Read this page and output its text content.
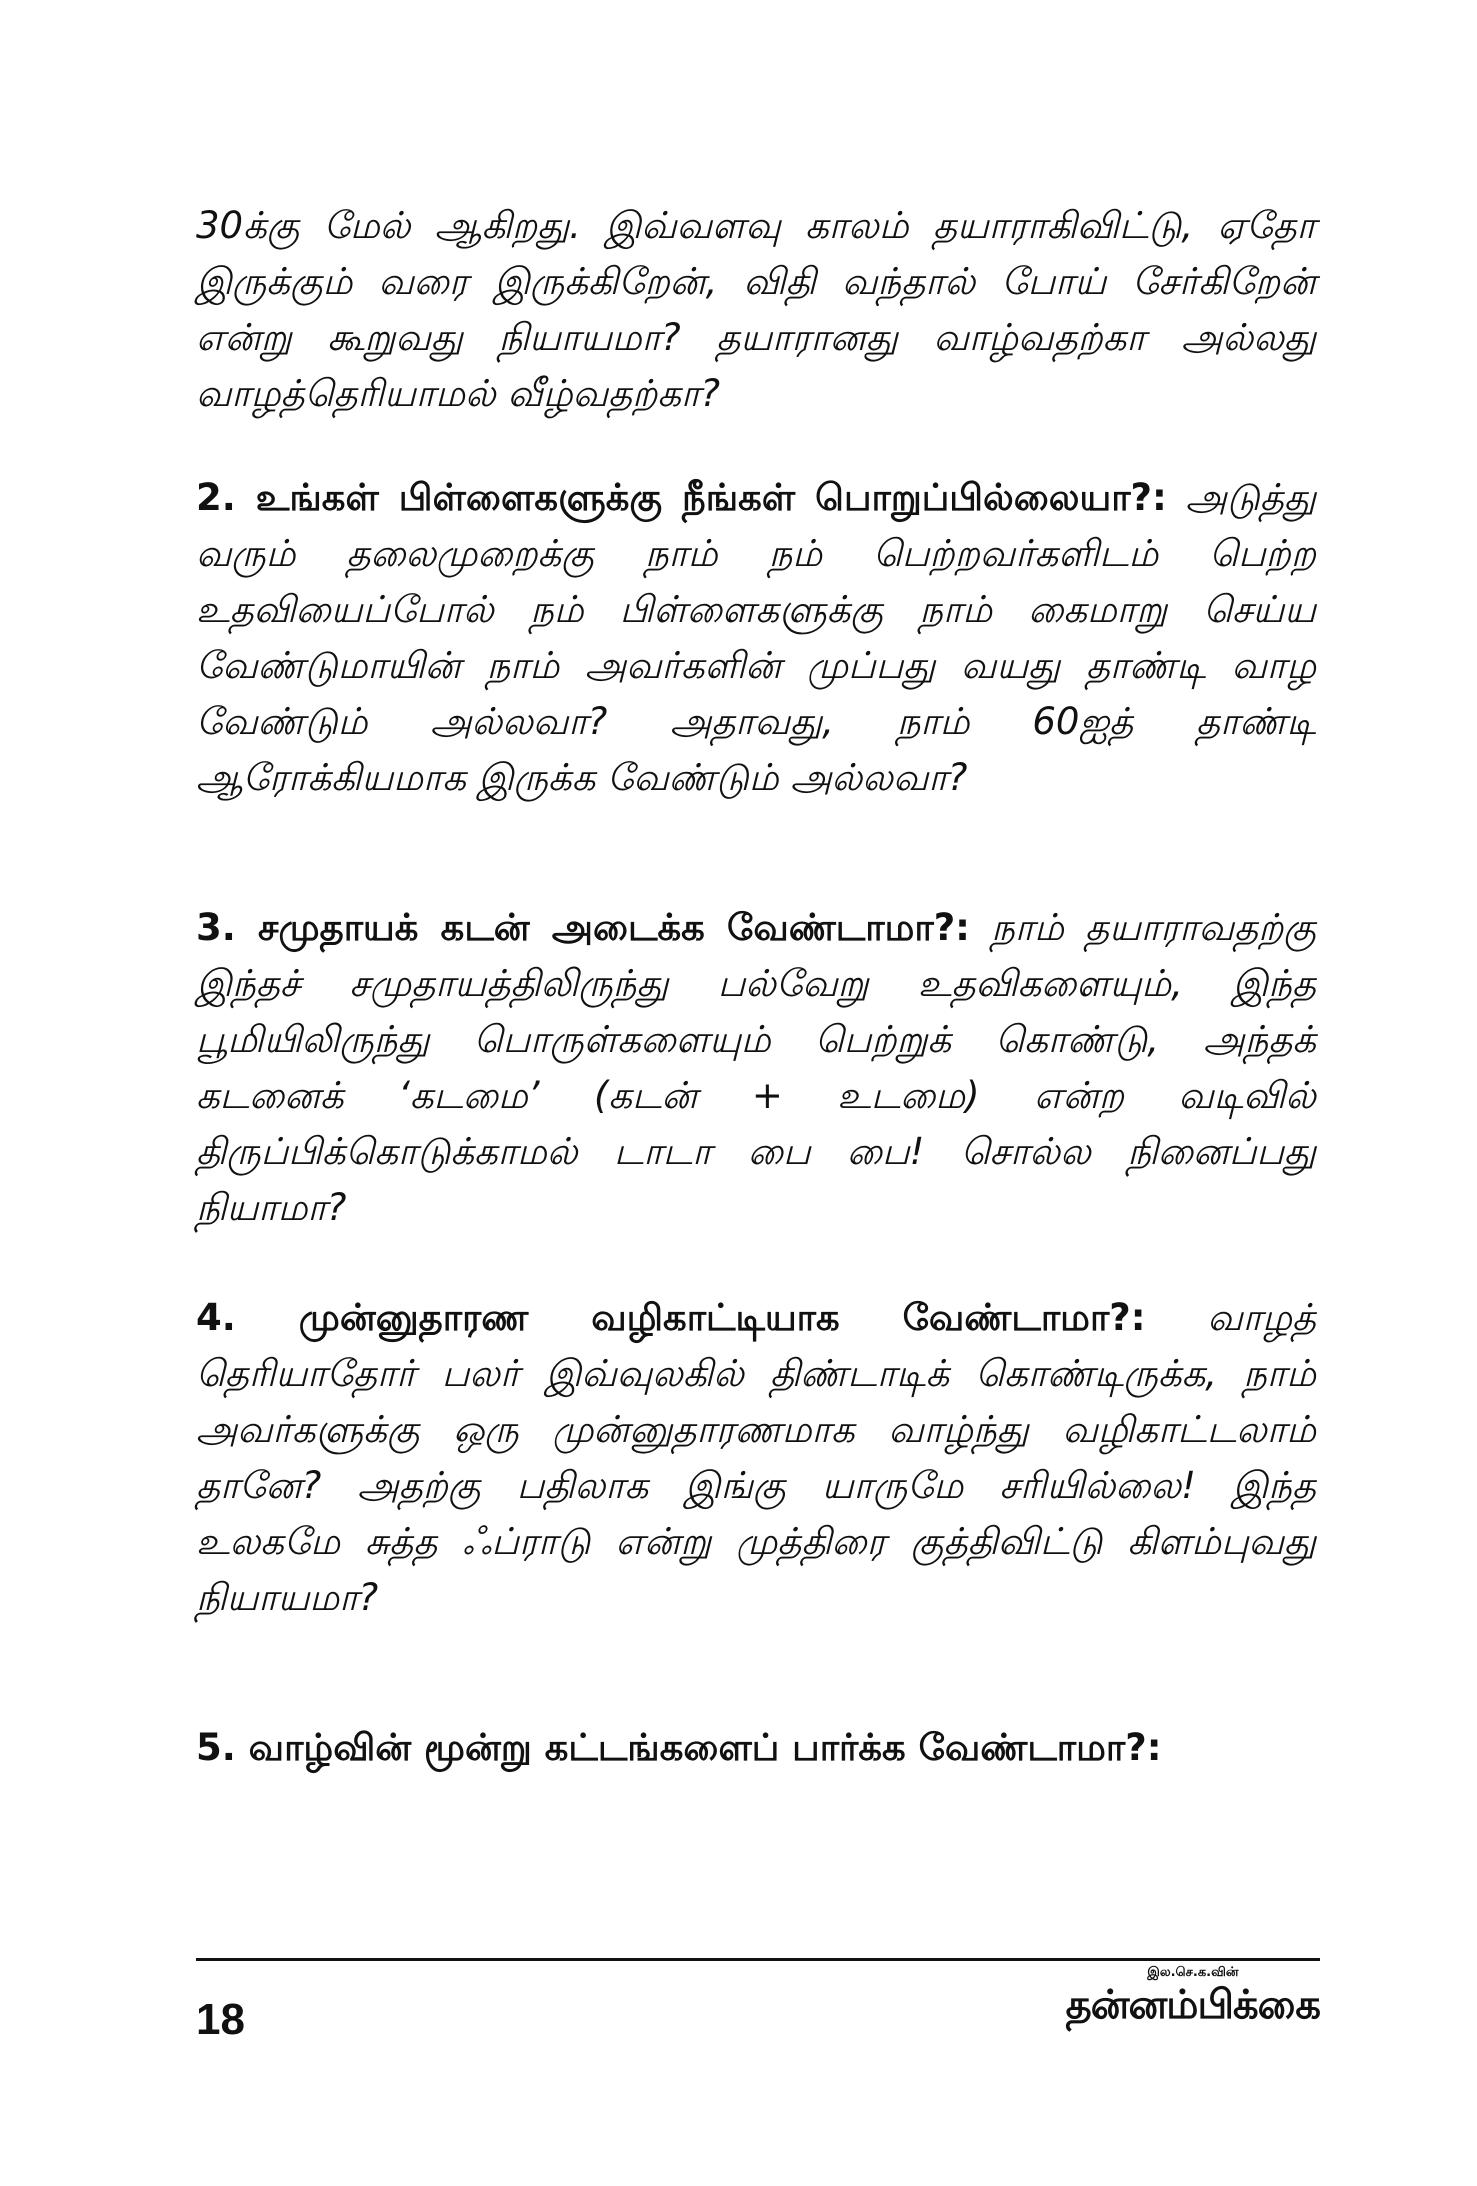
30க்கு மேல் ஆகிறது. இவ்வளவு காலம் தயாராகிவிட்டு, ஏதோ இருக்கும் வரை இருக்கிறேன், விதி வந்தால் போய் சேர்கிறேன் என்று கூறுவது நியாயமா? தயாரானது வாழ்வதற்கா அல்லது வாழத்தெரியாமல் வீழ்வதற்கா?

2. உங்கள் பிள்ளைகளுக்கு நீங்கள் பொறுப்பில்லையா?: அடுத்து வரும் தலைமுறைக்கு நாம் நம் பெற்றவர்களிடம் பெற்ற உதவியைப்போல் நம் பிள்ளைகளுக்கு நாம் கைமாறு செய்ய வேண்டுமாயின் நாம் அவர்களின் முப்பது வயது தாண்டி வாழ வேண்டும் அல்லவா? அதாவது, நாம் 60ஐத் தாண்டி ஆரோக்கியமாக இருக்க வேண்டும் அல்லவா?

3. சமுதாயக் கடன் அடைக்க வேண்டாமா?: நாம் தயாராவதற்கு இந்தச் சமுதாயத்திலிருந்து பல்வேறு உதவிகளையும், இந்த பூமியிலிருந்து பொருள்களையும் பெற்றுக் கொண்டு, அந்தக் கடனைக் ‘கடமை’ (கடன் + உடமை) என்ற வடிவில் திருப்பிக்கொடுக்காமல் டாடா பை பை! சொல்ல நினைப்பது நியாமா?

4. முன்னுதாரண வழிகாட்டியாக வேண்டாமா?: வாழத் தெரியாதோர் பலர் இவ்வுலகில் திண்டாடிக் கொண்டிருக்க, நாம் அவர்களுக்கு ஒரு முன்னுதாரணமாக வாழ்ந்து வழிகாட்டலாம் தானே? அதற்கு பதிலாக இங்கு யாருமே சரியில்லை! இந்த உலகமே சுத்த ஃப்ராடு என்று முத்திரை குத்திவிட்டு கிளம்புவது நியாயமா?

5. வாழ்வின் மூன்று கட்டங்களைப் பார்க்க வேண்டாமா?:

18
இல.செ.க.வின்
தன்னம்பிக்கை
